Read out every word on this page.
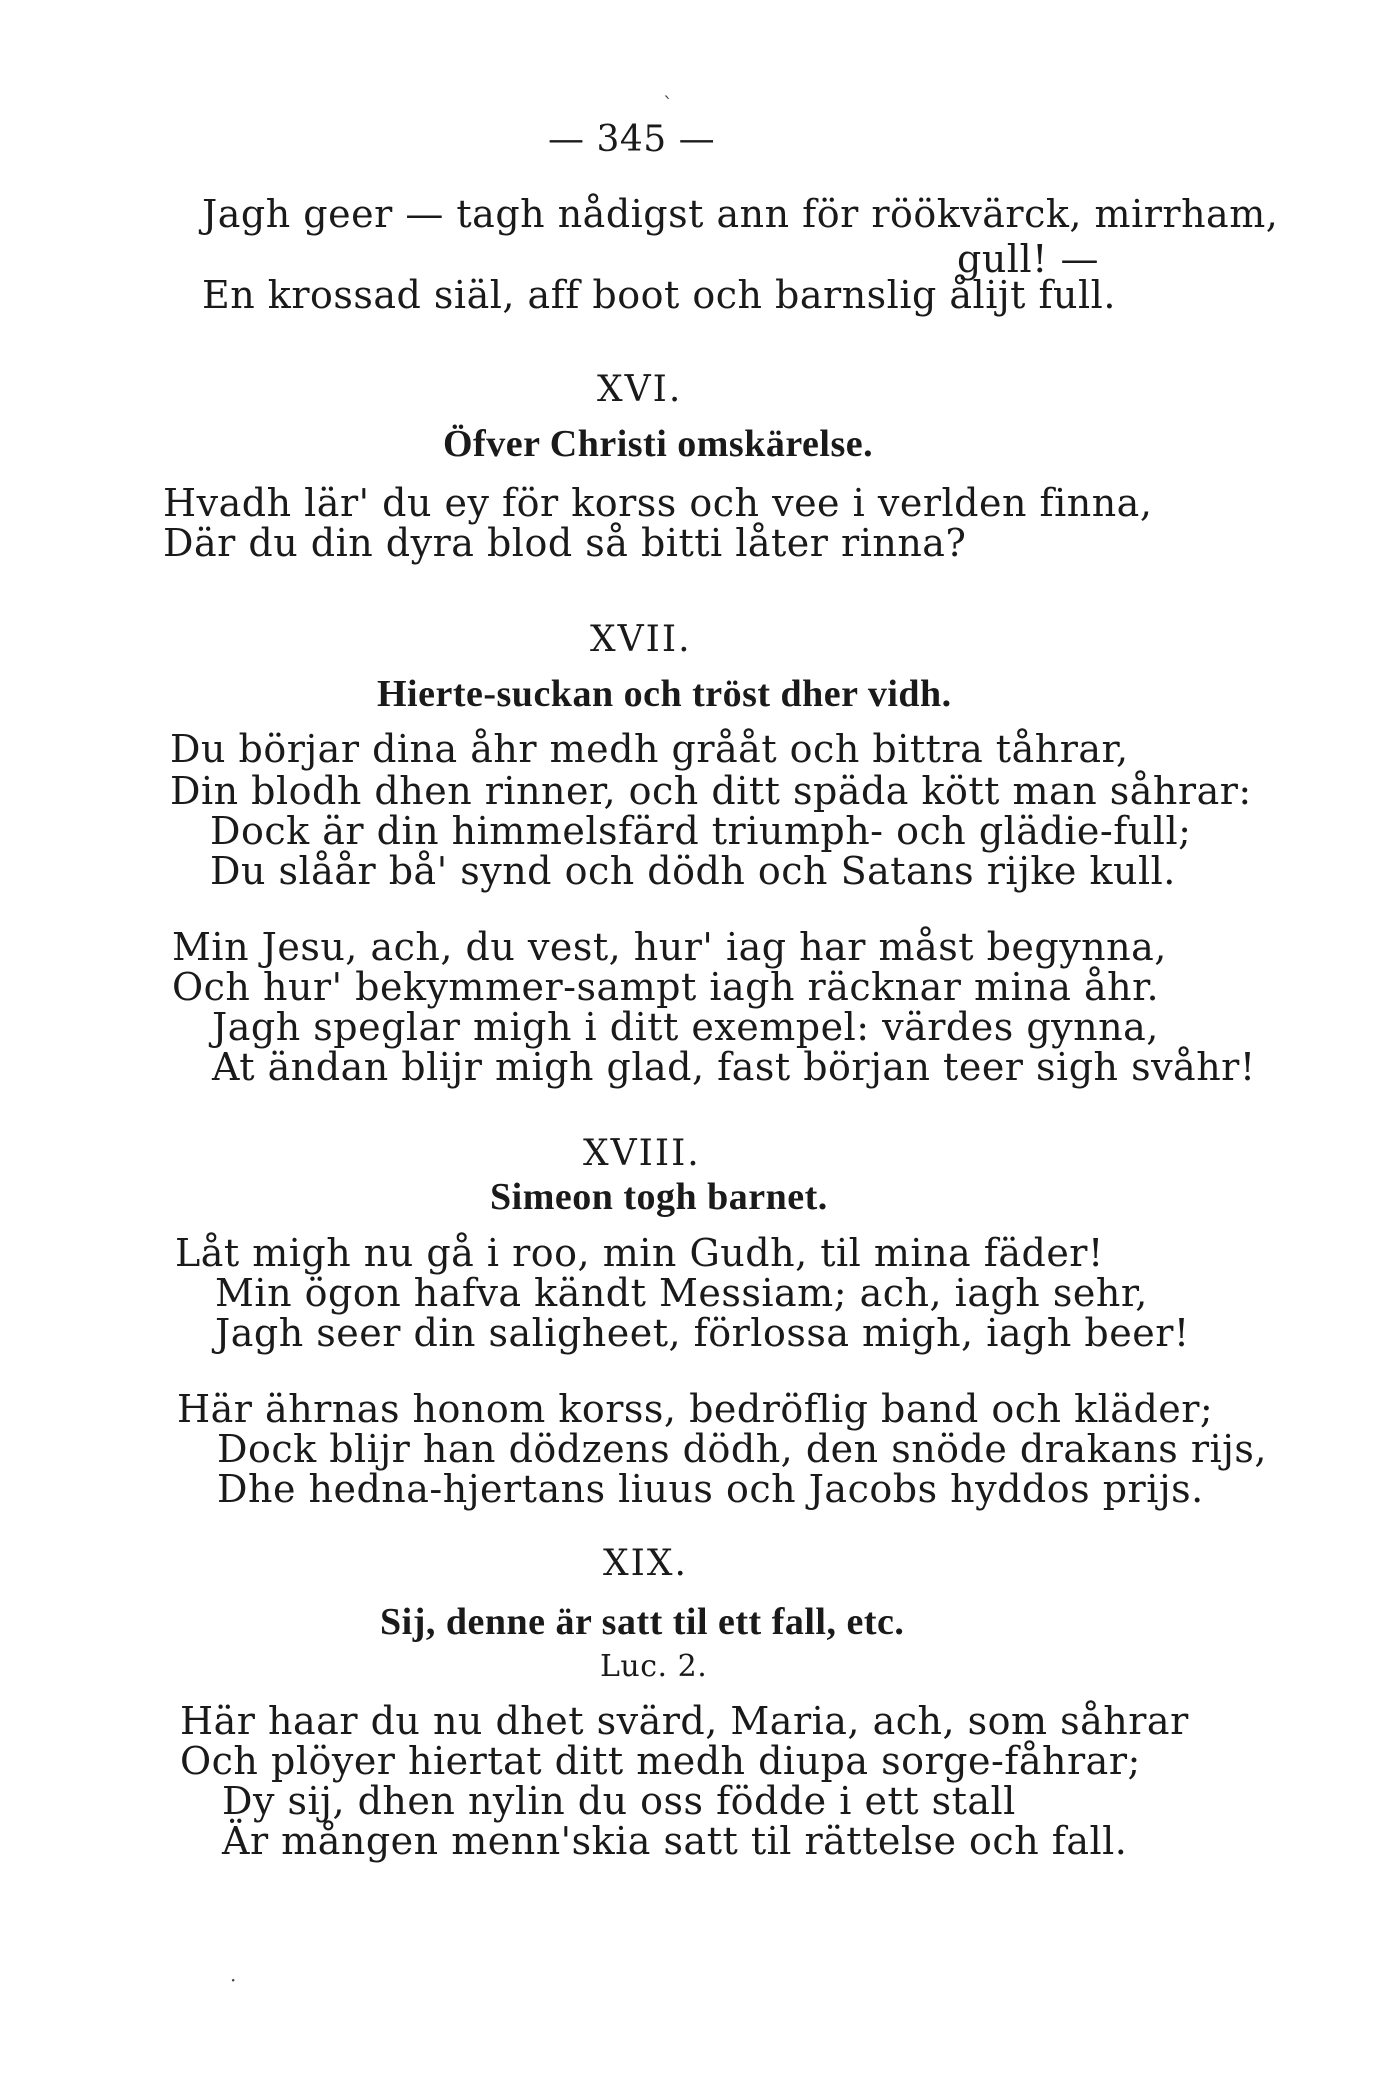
`
— 345 —
Jagh geer — tagh nådigst ann för röökvärck, mirrham,
gull! —
En krossad siäl, aff boot och barnslig ålijt full.
XVI.
Öfver Christi omskärelse.
Hvadh lär' du ey för korss och vee i verlden finna,
Där du din dyra blod så bitti låter rinna?
XVII.
Hierte-suckan och tröst dher vidh.
Du börjar dina åhr medh grååt och bittra tåhrar,
Din blodh dhen rinner, och ditt späda kött man såhrar:
Dock är din himmelsfärd triumph- och glädie-full;
Du slåår bå' synd och dödh och Satans rijke kull.
Min Jesu, ach, du vest, hur' iag har måst begynna,
Och hur' bekymmer-sampt iagh räcknar mina åhr.
Jagh speglar migh i ditt exempel: värdes gynna,
At ändan blijr migh glad, fast början teer sigh svåhr!
XVIII.
Simeon togh barnet.
Låt migh nu gå i roo, min Gudh, til mina fäder!
Min ögon hafva kändt Messiam; ach, iagh sehr,
Jagh seer din saligheet, förlossa migh, iagh beer!
Här ährnas honom korss, bedröflig band och kläder;
Dock blijr han dödzens dödh, den snöde drakans rijs,
Dhe hedna-hjertans liuus och Jacobs hyddos prijs.
XIX.
Sij, denne är satt til ett fall, etc.
Luc. 2.
Här haar du nu dhet svärd, Maria, ach, som såhrar
Och plöyer hiertat ditt medh diupa sorge-fåhrar;
Dy sij, dhen nylin du oss födde i ett stall
Är mången menn'skia satt til rättelse och fall.
·
